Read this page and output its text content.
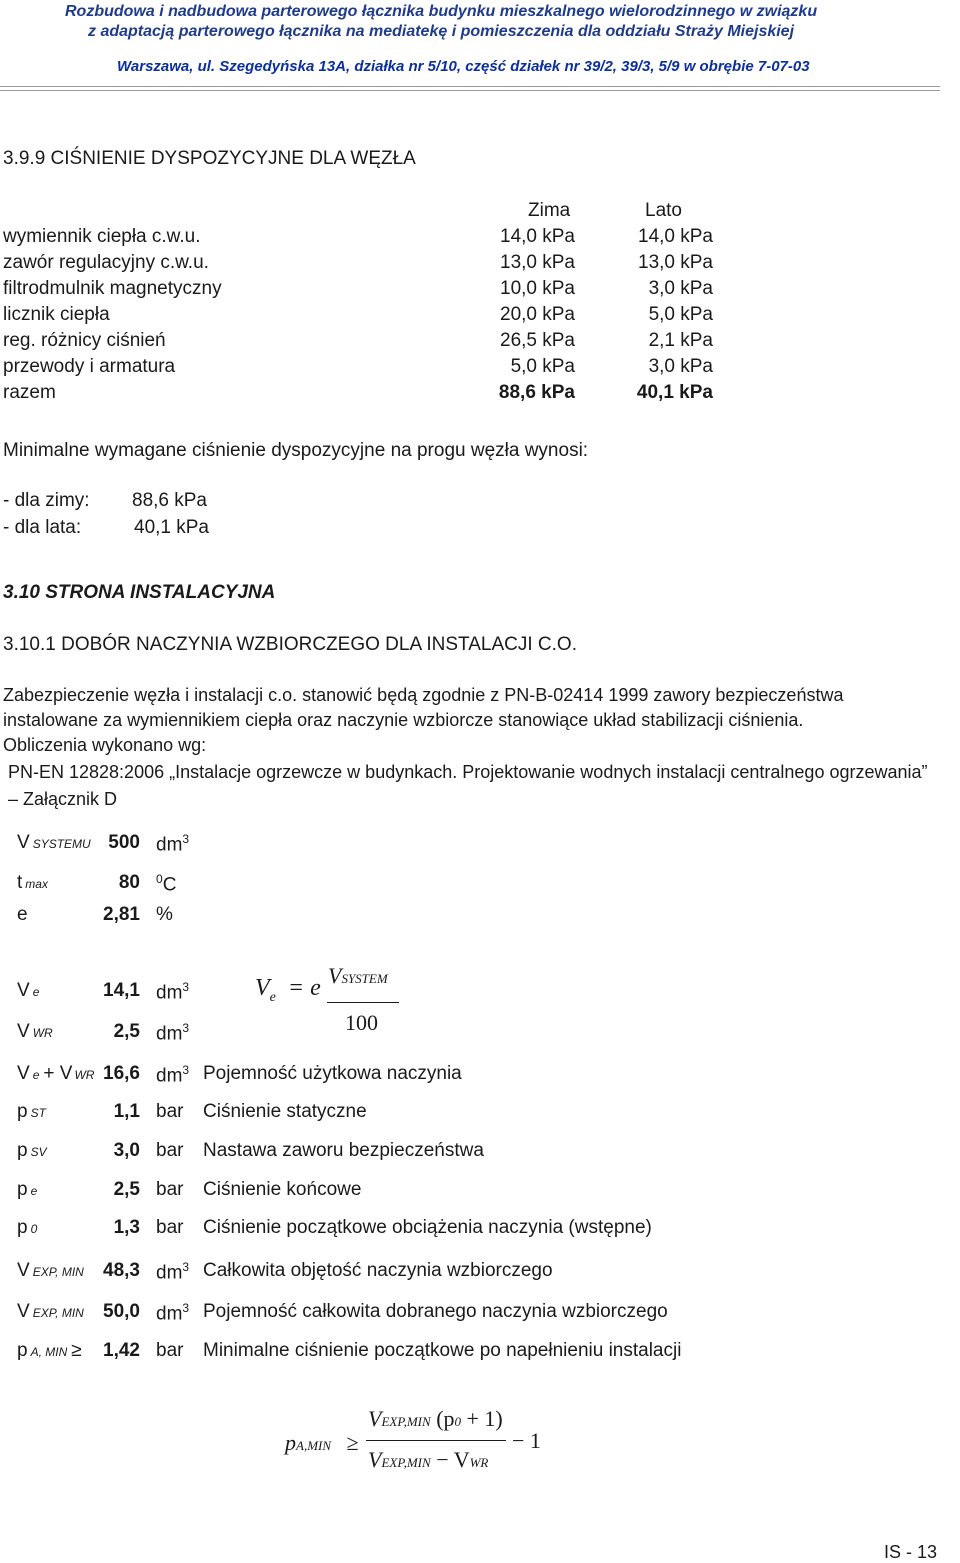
Rozbudowa i nadbudowa parterowego łącznika budynku mieszkalnego wielorodzinnego w związku
z adaptacją parterowego łącznika na mediatekę i pomieszczenia dla oddziału Straży Miejskiej
Warszawa, ul. Szegedyńska 13A, działka nr 5/10, część działek nr 39/2, 39/3, 5/9 w obrębie 7-07-03
3.9.9 CIŚNIENIE DYSPOZYCYJNE DLA WĘZŁA
Zima	Lato
wymiennik ciepła c.w.u.	14,0 kPa	14,0 kPa
zawór regulacyjny c.w.u.	13,0 kPa	13,0 kPa
filtrodmulnik magnetyczny	10,0 kPa	3,0 kPa
licznik ciepła	20,0 kPa	5,0 kPa
reg. różnicy ciśnień	26,5 kPa	2,1 kPa
przewody i armatura	5,0 kPa	3,0 kPa
razem	88,6 kPa	40,1 kPa
Minimalne wymagane ciśnienie dyspozycyjne na progu węzła wynosi:
- dla zimy: 88,6 kPa
- dla lata:	40,1 kPa
3.10 STRONA INSTALACYJNA
3.10.1 DOBÓR NACZYNIA WZBIORCZEGO DLA INSTALACJI C.O.
Zabezpieczenie węzła i instalacji c.o. stanowić będą zgodnie z PN-B-02414 1999 zawory bezpieczeństwa
instalowane za wymiennikiem ciepła oraz naczynie wzbiorcze stanowiące układ stabilizacji ciśnienia.
Obliczenia wykonano wg:
PN-EN 12828:2006 „Instalacje ogrzewcze w budynkach. Projektowanie wodnych instalacji centralnego ogrzewania”
– Załącznik D
VSYSTEMU 500 $dm^3$
tmax	80 $^0$C
e	2,81 %
Ve	14,1 $dm^3$
VWR	2,5 $dm^3$
Ve + V WR 16,6 $dm^3$ Pojemność użytkowa naczynia
pST	1,1 bar Ciśnienie statyczne
pSV	3,0 bar Nastawa zaworu bezpieczeństwa
pe	2,5 bar Ciśnienie końcowe
p 0	1,3 bar Ciśnienie początkowe obciążenia naczynia (wstępne)
VEXP, MIN	48,3 $dm^3$ Całkowita objętość naczynia wzbiorczego
VEXP, MIN	50,0 $dm^3$ Pojemność całkowita dobranego naczynia wzbiorczego
p A, MIN ≥	1,42 bar Minimalne ciśnienie początkowe po napełnieniu instalacji
$V_e = e$ VSYSTEM
100
pA,MIN ≥
VEXP,MIN (p0 + 1)
VEXP,MIN − VWR
− 1
IS - 13
